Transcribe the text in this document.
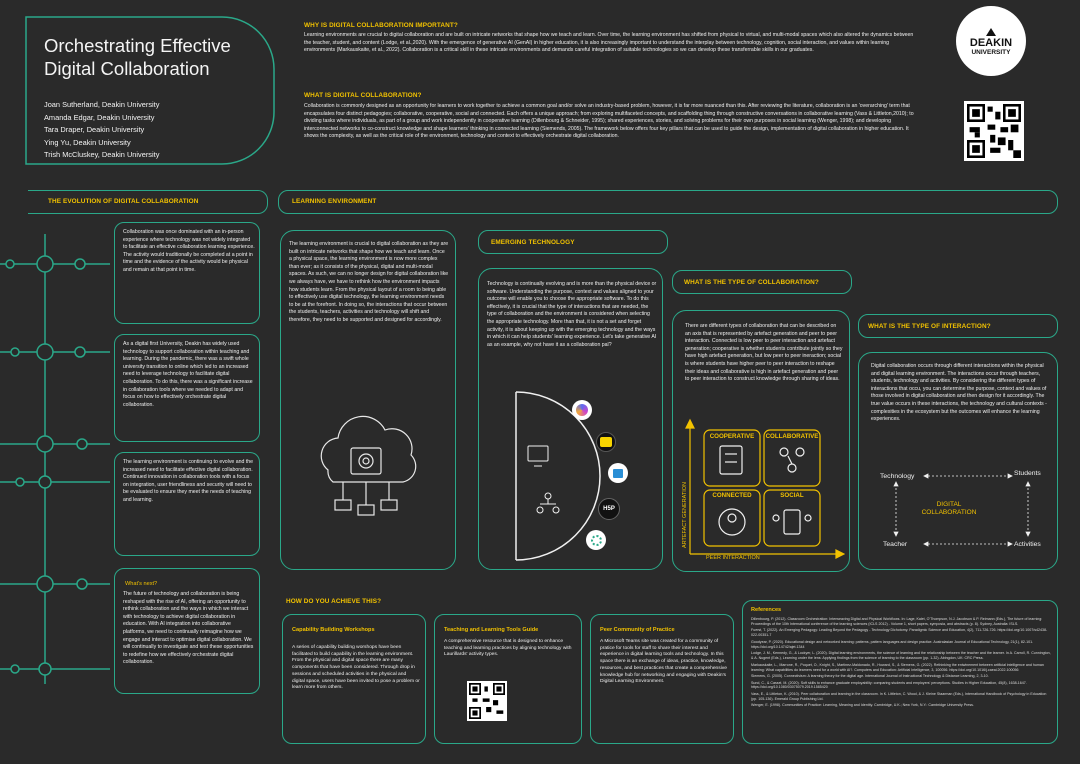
Orchestrating Effective Digital Collaboration
Joan Sutherland, Deakin University
Amanda Edgar, Deakin University
Tara Draper, Deakin University
Ying Yu, Deakin University
Trish McCluskey, Deakin University
WHY IS DIGITAL COLLABORATION IMPORTANT?
Learning environments are crucial to digital collaboration and are built on intricate networks that shape how we teach and learn. Over time, the learning environment has shifted from physical to virtual, and multi-modal spaces which also altered the dynamics between the teacher, student, and content (Lodge, et al.,2020). With the emergence of generative AI (GenAI) in higher education, it is also increasingly important to understand the interplay between technology, cognition, social interaction, and values within learning environments (Markauskaite, et al., 2022). Collaboration is a critical skill in these intricate environments and demands careful integration of suitable technologies so we can develop these transferrable skills in our graduates.
WHAT IS DIGITAL COLLABORATION?
Collaboration is commonly designed as an opportunity for learners to work together to achieve a common goal and/or solve an industry-based problem, however, it is far more nuanced than this. After reviewing the literature, collaboration is an 'overarching' term that encapsulates four distinct pedagogies; collaborative, cooperative, social and connected. Each offers a unique approach; from exploring multifaceted concepts, and scaffolding thing through constructive conversations in collaborative learning (Vass & Littleton,2010); to dividing tasks where individuals, as part of a group and work independently in cooperative learning (Dillenbourg & Schneider, 1995); shared experiences, stories, and solving problems for their own purposes in social learning (Wenger, 1998); and developing interconnected networks to co-construct knowledge and shape learners' thinking in connected learning (Siemends, 2005). The framework below offers four key pillars that can be used to guide the design, implementation of digital collaboration in higher education. It shows the complexity, as well as the critical role of the environment, technology and context to effectively orchestrate digital collaboration.
DEAKIN
UNIVERSITY
THE EVOLUTION OF DIGITAL COLLABORATION	LEARNING ENVIRONMENT
Collaboration was once dominated with an in-person experience where technology was not widely integrated to facilitate an effective collaboration learning experience. The activity would traditionally be completed at a point in time and the evidence of the activity would be physical and remain at that point in time.
As a digital first University, Deakin has widely used technology to support collaboration within teaching and learning. During the pandemic, there was a swift whole university transition to online which led to an increased need to leverage technology to facilitate digital collaboration. To do this, there was a significant increase in collaboration tools where we needed to adapt and focus on how to effectively orchestrate digital collaboration.
The learning environment is continuing to evolve and the increased need to facilitate effective digital collaboration. Continued innovation in collaboration tools with a focus on integration, user friendliness and security will need to be evaluated to ensure they meet the needs of teaching and learning.
What's next?
The future of technology and collaboration is being reshaped with the rise of AI, offering an opportunity to rethink collaboration and the ways in which we interact with technology to achieve digital collaboration in education. With AI integration into collaborative platforms, we need to continually reimagine how we engage and interact to optimise digital collaboration. We will continually to investigate and test these opportunities to redefine how we effectively orchestrate digital collaboration.
The learning environment is crucial to digital collaboration as they are built on intricate networks that shape how we teach and learn. Once a physical space, the learning environment is now more complex than ever; as it consists of the physical, digital and multi-modal spaces. As such, we can no longer design for digital collaboration like we always have, we have to rethink how the environment impacts how students learn. From the physical layout of a room to being able to effectively use digital technology, the learning environment needs to be at the forefront. In doing so, the interactions that occur between the students, teachers, activities and technology will shift and therefore, they need to be supported and designed for accordingly.
EMERGING TECHNOLOGY
Technology is continually evolving and is more than the physical device or software. Understanding the purpose, context and values aligned to your outcome will enable you to choose the appropriate software. To do this effectively, it is crucial that the type of interactions that are needed, the type of collaboration and the environment is considered when selecting the appropriate technology. More than that, it is not a set and forget activity, it is about keeping up with the emerging technology and the ways in which it can help students' learning experience. Let's take generative AI as an example, why not have it as a collaboration pal?
H5P
WHAT IS THE TYPE OF COLLABORATION?
There are different types of collaboration that can be described on an axis that is represented by artefact generation and peer to peer interaction. Connected is low peer to peer interaction and artefact generation; cooperative is whether students contribute jointly so they have high artefact generation, but low peer to peer ineraction; social is where students have higher peer to peer interaction to reshape their ideas and collaborative is high in artefact generation and peer to peer interaction to construct knowledge through sharing of ideas.
COOPERATIVE	COLLABORATIVE
CONNECTED	SOCIAL
ARTEFACT GENERATION
PEER INTERACTION
WHAT IS THE TYPE OF INTERACTION?
Digital collaboration occurs through different interactions within the physical and digital learning environment. The interactions occur through teachers, students, technology and activities. By considering the different types of interactions that occu, you can determine the purpose, context and values of those involved in digital collaboration and then design for it accordingly. The true value occurs in these interactions, the technology and cultural contexts - complexities in the ecosystem but the outcomes will enhance the learning experiences.
Technology	Students
Teacher	Activities
DIGITAL
COLLABORATION
HOW DO YOU ACHIEVE THIS?
Capability Building Workshops
A series of capability building worshops have been facilitated to build capability in the learning environment. From the physical and digital space there are many components that have been considered. Through drop in sessions and scheduled activities in the physical and digital space, users have been invited to pose a problem or learn more from others.
Teaching and Learning Tools Guide
A comprehensive resource that is designed to enhance teaching and learning practices by aligning technology with Laurillards' activity types.
Peer Community of Practice
A Microsoft Teams site was created for a community of pratice for tools for staff to share their interest and experience in digital learning tools and technology. In this space there is an exchange of ideas, practice, knowledge, resources, and best practices that create a comprehensive knowledge hub for networking and engaging with Deakin's Digital Learning Environment.
References
Dillenbourg, P. (2012). Classroom Orchestration: Interweaving Digital and Physical Workflows. In: Lage, Kalet, O'Thompson, N.J. Jacobson & P. Reimann (Eds.), The future of learning: Proceedings of the 10th International conference of the learning sciences (ICLS 2012) - Volume 1, short papers, symposia, and abstracts (p. 8). Sydney, Australia: ISLS.
Fuerst, T. (2022). An Emerging Pedagogy: Leading Beyond the Pedagogy - Technology Dichotomy. Paradigmic Science and Education, 4(2), 711-726-726. https://doi.org/10.1007/s42438-022-00351-7
Goodyear, P. (2020). Educational design and networked learning: patterns, pattern languages and design practice. Australasian Journal of Educational Technology, 21(1), 82-101. https://doi.org/10.14742/ajet.1344
Lodge, J. M., Kennedy, G., & Lockyer, L. (2020). Digital learning environments, the science of learning and the relationship between the teacher and the learner. In A. Carroll, R. Cunnington, & A. Nugent (Eds.), Learning under the lens: Applying findings from the science of learning to the classroom (pp. 1-32). Abingdon, UK: CRC Press.
Markauskaite, L., Marrone, R., Poquet, O., Knight, S., Martinez-Maldonado, R., Howard, S., & Siemens, G. (2022). Rethinking the entwinement between artificial intelligence and human learning: What capabilities do learners need for a world with AI?. Computers and Education: Artificial Intelligence, 3, 100056. https://doi.org/10.1016/j.caeai.2022.100056
Siemens, G. (2005). Connectivism: A learning theory for the digital age. International Journal of Instructional Technology & Distance Learning, 2, 3-10.
Sund, C., & Cassel, M. (2020). Soft skills to enhance graduate employability: comparing students and employers' perceptions. Studies in Higher Education, 45(8), 1638-1647. https://doi.org/10.1080/03075079.2019.1585420
Vass, E., & Littleton, K. (2010). Peer collaboration and learning in the classroom. In K. Littleton, C. Wood, & J. Kleine Staarman (Eds.), International Handbook of Psychology in Education (pp. 105-136). Emerald Group Publishing Ltd.
Wenger, E. (1998). Communities of Practice: Learning, Meaning and Identity. Cambridge, U.K.; New York, N.Y.: Cambridge University Press.
